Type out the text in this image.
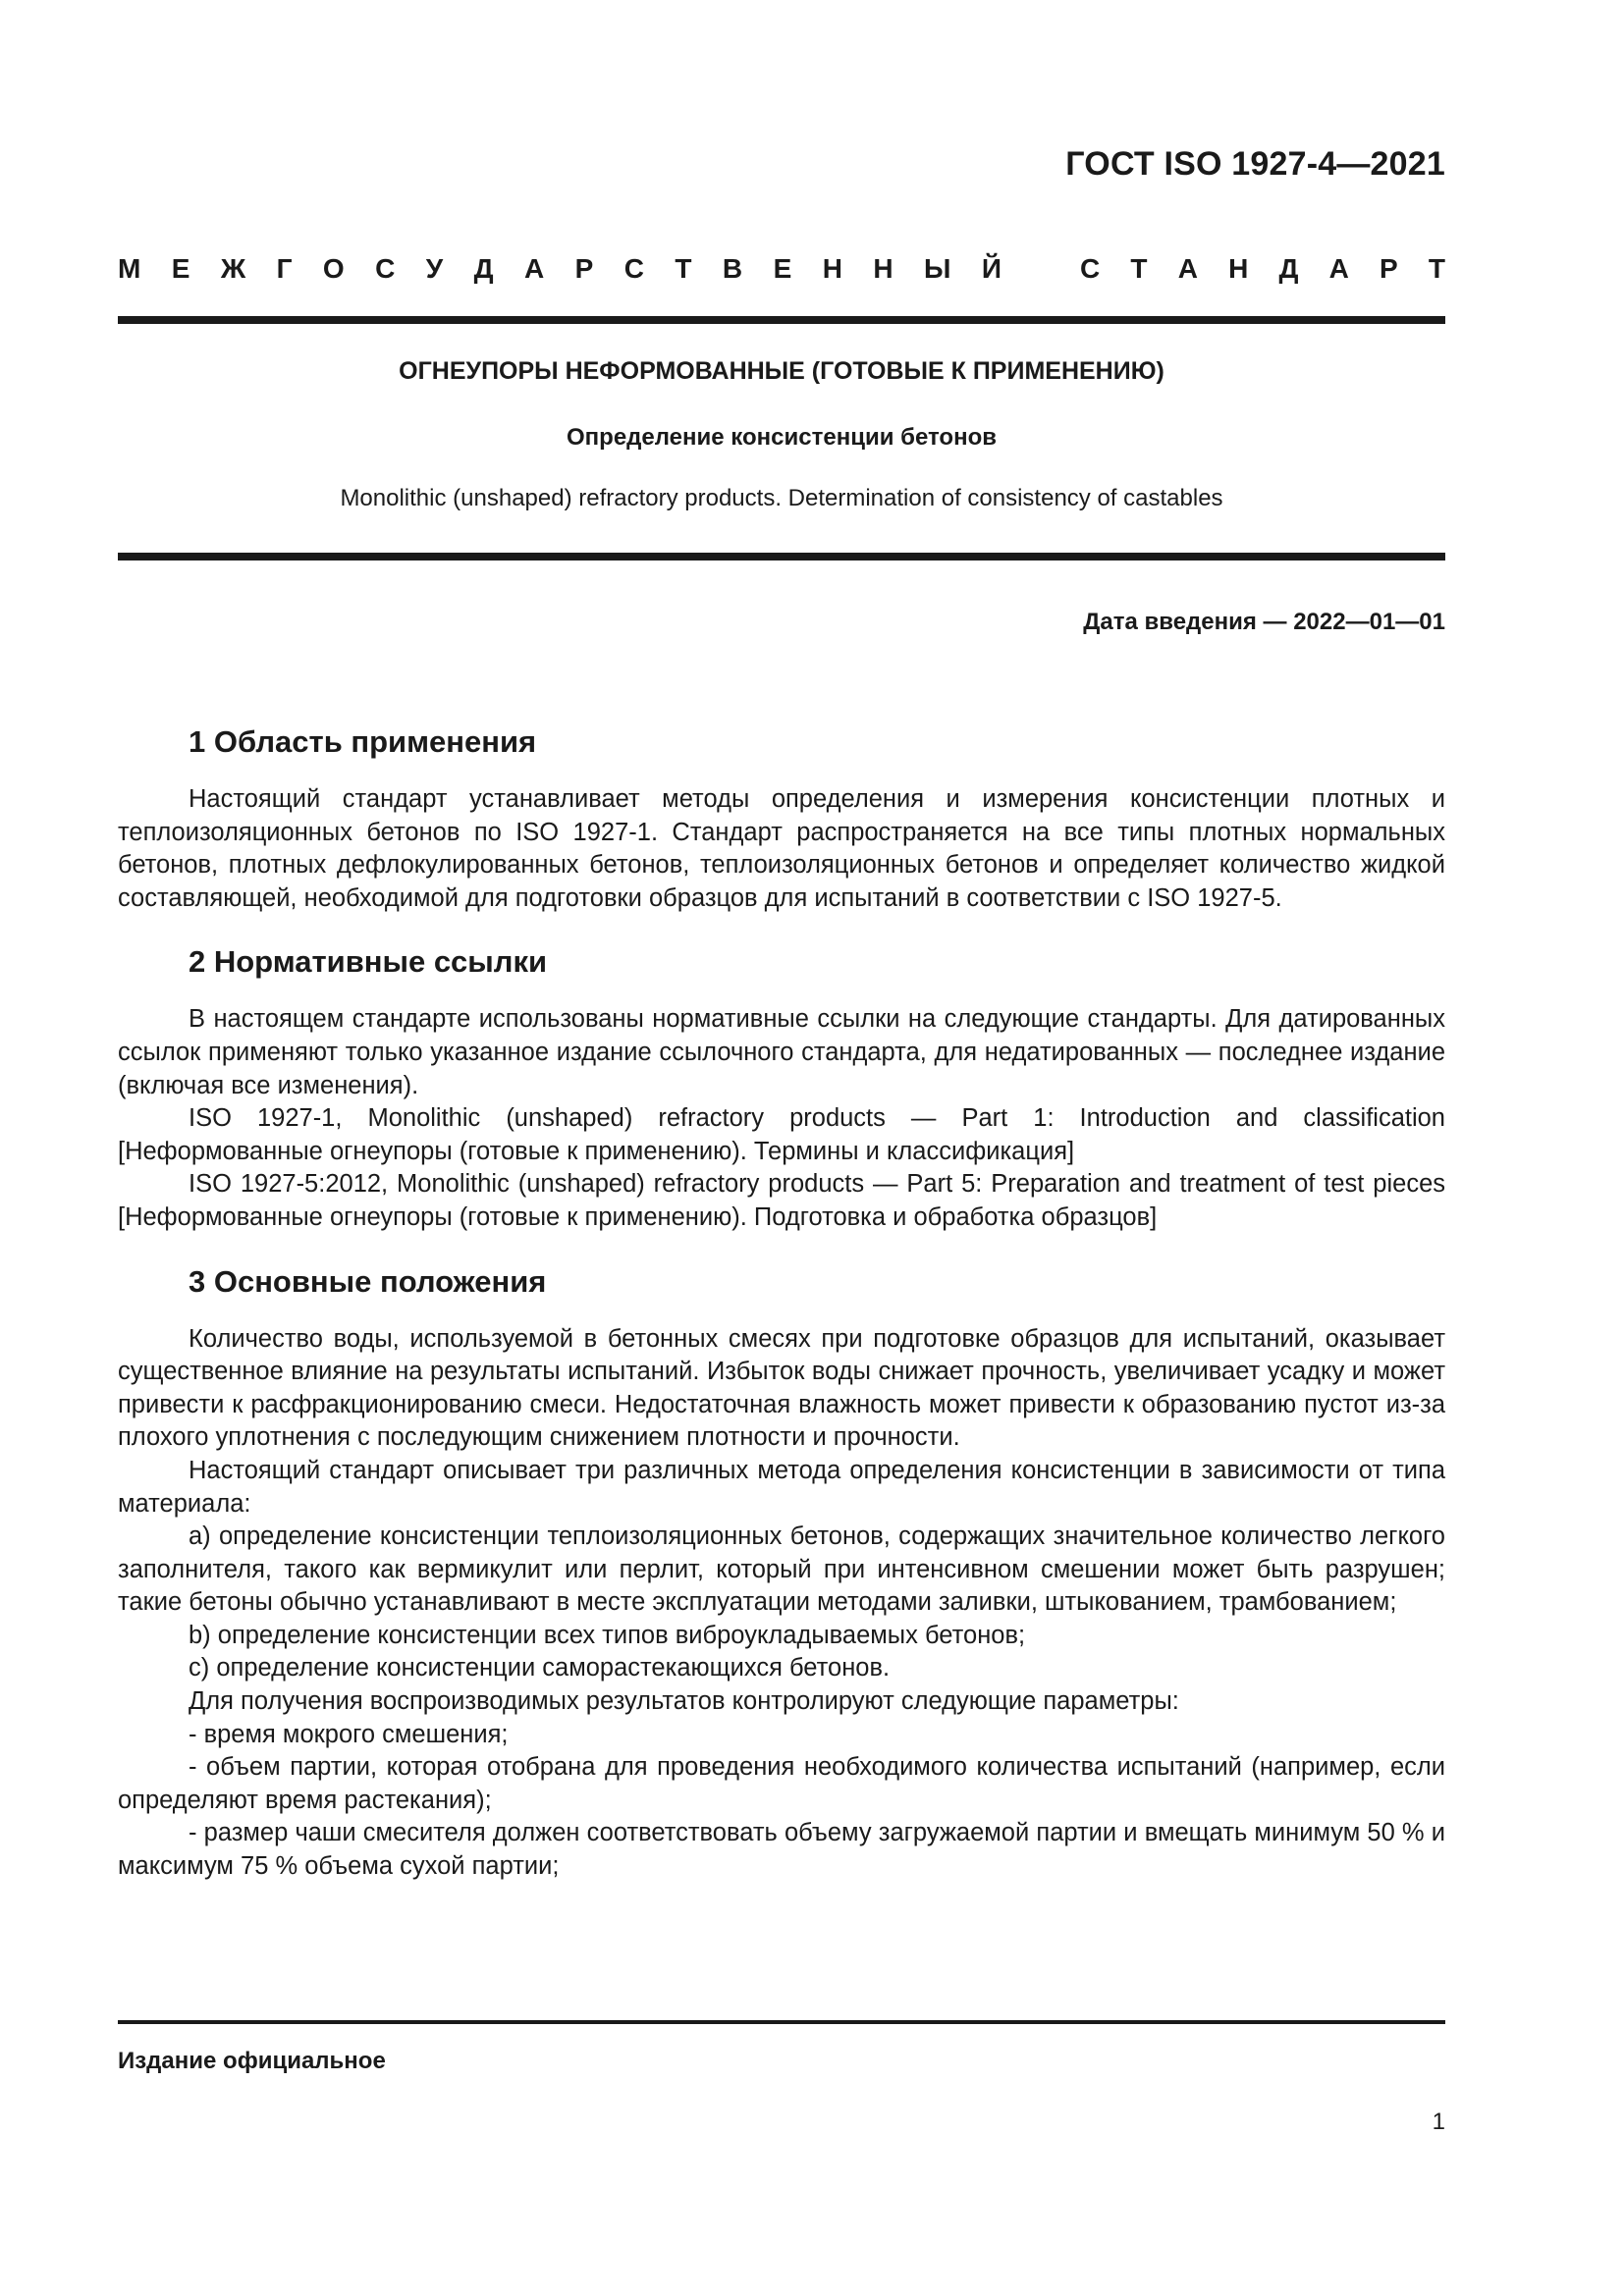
ГОСТ ISO 1927-4—2021
М Е Ж Г О С У Д А Р С Т В Е Н Н Ы Й	С Т А Н Д А Р Т
ОГНЕУПОРЫ НЕФОРМОВАННЫЕ (ГОТОВЫЕ К ПРИМЕНЕНИЮ)
Определение консистенции бетонов
Monolithic (unshaped) refractory products. Determination of consistency of castables
Дата введения — 2022—01—01
1 Область применения

Настоящий стандарт устанавливает методы определения и измерения консистенции плотных и теплоизоляционных бетонов по ISO 1927-1. Стандарт распространяется на все типы плотных нормальных бетонов, плотных дефлокулированных бетонов, теплоизоляционных бетонов и определяет количество жидкой составляющей, необходимой для подготовки образцов для испытаний в соответствии с ISO 1927-5.

2 Нормативные ссылки

В настоящем стандарте использованы нормативные ссылки на следующие стандарты. Для датированных ссылок применяют только указанное издание ссылочного стандарта, для недатированных — последнее издание (включая все изменения).

ISO 1927-1, Monolithic (unshaped) refractory products — Part 1: Introduction and classification [Неформованные огнеупоры (готовые к применению). Термины и классификация]

ISO 1927-5:2012, Monolithic (unshaped) refractory products — Part 5: Preparation and treatment of test pieces [Неформованные огнеупоры (готовые к применению). Подготовка и обработка образцов]

3 Основные положения

Количество воды, используемой в бетонных смесях при подготовке образцов для испытаний, оказывает существенное влияние на результаты испытаний. Избыток воды снижает прочность, увеличивает усадку и может привести к расфракционированию смеси. Недостаточная влажность может привести к образованию пустот из-за плохого уплотнения с последующим снижением плотности и прочности.

Настоящий стандарт описывает три различных метода определения консистенции в зависимости от типа материала:

a) определение консистенции теплоизоляционных бетонов, содержащих значительное количество легкого заполнителя, такого как вермикулит или перлит, который при интенсивном смешении может быть разрушен; такие бетоны обычно устанавливают в месте эксплуатации методами заливки, штыкованием, трамбованием;

b) определение консистенции всех типов виброукладываемых бетонов;

c) определение консистенции саморастекающихся бетонов.

Для получения воспроизводимых результатов контролируют следующие параметры:

- время мокрого смешения;

- объем партии, которая отобрана для проведения необходимого количества испытаний (например, если определяют время растекания);

- размер чаши смесителя должен соответствовать объему загружаемой партии и вмещать минимум 50 % и максимум 75 % объема сухой партии;

Издание официальное
1
